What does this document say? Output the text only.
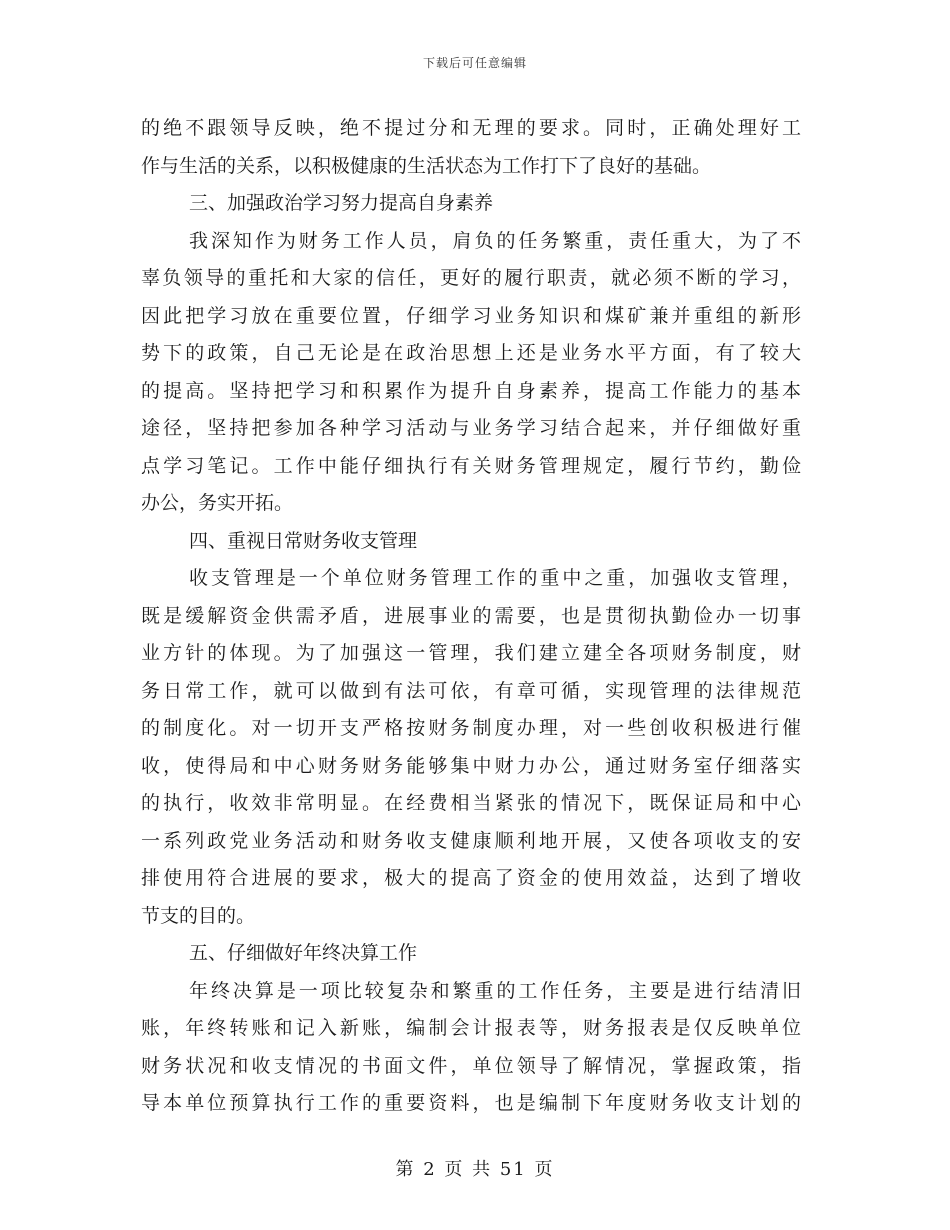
下载后可任意编辑
的绝不跟领导反映，绝不提过分和无理的要求。同时，正确处理好工
作与生活的关系，以积极健康的生活状态为工作打下了良好的基础。
三、加强政治学习努力提高自身素养
我深知作为财务工作人员，肩负的任务繁重，责任重大，为了不
辜负领导的重托和大家的信任，更好的履行职责，就必须不断的学习，
因此把学习放在重要位置，仔细学习业务知识和煤矿兼并重组的新形
势下的政策，自己无论是在政治思想上还是业务水平方面，有了较大
的提高。坚持把学习和积累作为提升自身素养，提高工作能力的基本
途径，坚持把参加各种学习活动与业务学习结合起来，并仔细做好重
点学习笔记。工作中能仔细执行有关财务管理规定，履行节约，勤俭
办公，务实开拓。
四、重视日常财务收支管理
收支管理是一个单位财务管理工作的重中之重，加强收支管理，
既是缓解资金供需矛盾，进展事业的需要，也是贯彻执勤俭办一切事
业方针的体现。为了加强这一管理，我们建立建全各项财务制度，财
务日常工作，就可以做到有法可依，有章可循，实现管理的法律规范
的制度化。对一切开支严格按财务制度办理，对一些创收积极进行催
收，使得局和中心财务财务能够集中财力办公，通过财务室仔细落实
的执行，收效非常明显。在经费相当紧张的情况下，既保证局和中心
一系列政党业务活动和财务收支健康顺利地开展，又使各项收支的安
排使用符合进展的要求，极大的提高了资金的使用效益，达到了增收
节支的目的。
五、仔细做好年终决算工作
年终决算是一项比较复杂和繁重的工作任务，主要是进行结清旧
账，年终转账和记入新账，编制会计报表等，财务报表是仅反映单位
财务状况和收支情况的书面文件，单位领导了解情况，掌握政策，指
导本单位预算执行工作的重要资料，也是编制下年度财务收支计划的
第 2 页 共 51 页
